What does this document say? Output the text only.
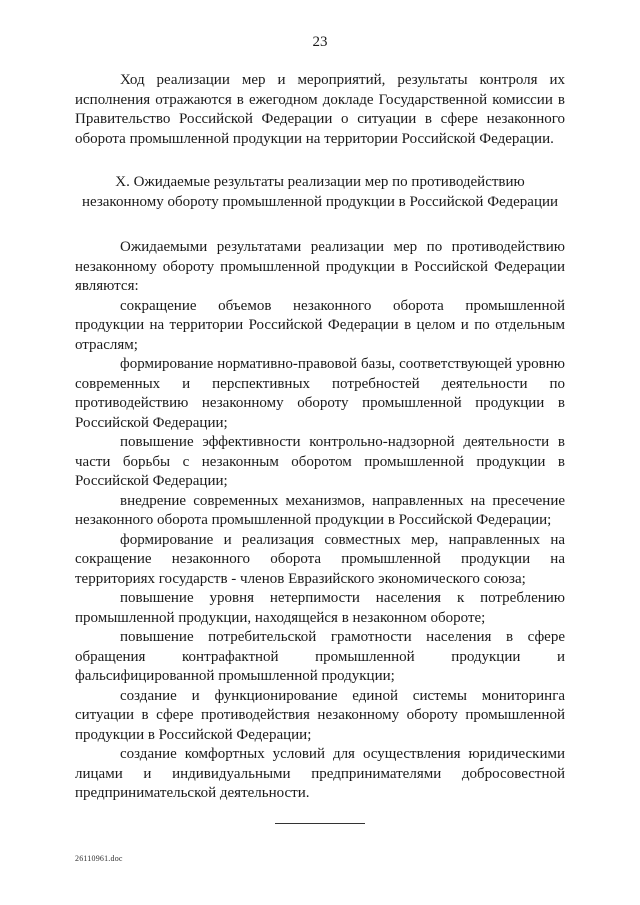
23

Ход реализации мер и мероприятий, результаты контроля их исполнения отражаются в ежегодном докладе Государственной комиссии в Правительство Российской Федерации о ситуации в сфере незаконного оборота промышленной продукции на территории Российской Федерации.

X. Ожидаемые результаты реализации мер по противодействию
незаконному обороту промышленной продукции в Российской Федерации

Ожидаемыми результатами реализации мер по противодействию незаконному обороту промышленной продукции в Российской Федерации являются:

сокращение объемов незаконного оборота промышленной продукции на территории Российской Федерации в целом и по отдельным отраслям;

формирование нормативно-правовой базы, соответствующей уровню современных и перспективных потребностей деятельности по противодействию незаконному обороту промышленной продукции в Российской Федерации;

повышение эффективности контрольно-надзорной деятельности в части борьбы с незаконным оборотом промышленной продукции в Российской Федерации;

внедрение современных механизмов, направленных на пресечение незаконного оборота промышленной продукции в Российской Федерации;

формирование и реализация совместных мер, направленных на сокращение незаконного оборота промышленной продукции на территориях государств - членов Евразийского экономического союза;

повышение уровня нетерпимости населения к потреблению промышленной продукции, находящейся в незаконном обороте;

повышение потребительской грамотности населения в сфере обращения контрафактной промышленной продукции и фальсифицированной промышленной продукции;

создание и функционирование единой системы мониторинга ситуации в сфере противодействия незаконному обороту промышленной продукции в Российской Федерации;

создание комфортных условий для осуществления юридическими лицами и индивидуальными предпринимателями добросовестной предпринимательской деятельности.

26110961.doc
